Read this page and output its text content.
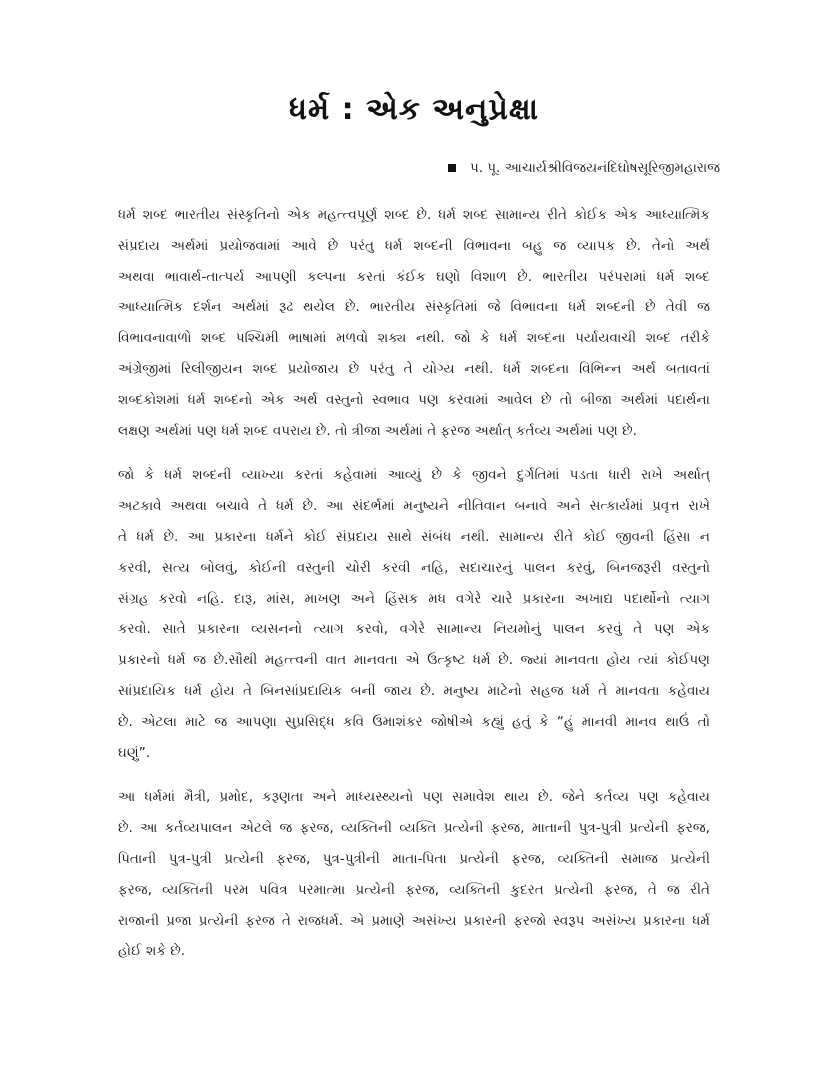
ધર્મ : એક અનુપ્રેક્ષા
પ. પૂ. આચાર્યશ્રીવિજયનંદિઘોષસૂરિજીમહારાજ

ધર્મ શબ્દ ભારતીય સંસ્કૃતિનો એક મહત્ત્વપૂર્ણ શબ્દ છે. ધર્મ શબ્દ સામાન્ય રીતે કોઈક એક આધ્યાત્મિક
સંપ્રદાય અર્થમાં પ્રયોજવામાં આવે છે પરંતુ ધર્મ શબ્દની વિભાવના બહુ જ વ્યાપક છે. તેનો અર્થ
અથવા ભાવાર્થ-તાત્પર્ય આપણી કલ્પના કરતાં કંઈક ઘણો વિશાળ છે. ભારતીય પરંપરામાં ધર્મ શબ્દ
આધ્યાત્મિક દર્શન અર્થમાં રૂઢ થયેલ છે. ભારતીય સંસ્કૃતિમાં જે વિભાવના ધર્મ શબ્દની છે તેવી જ
વિભાવનાવાળો શબ્દ પશ્ચિમી ભાષામાં મળવો શક્ય નથી. જો કે ધર્મ શબ્દના પર્યાયવાચી શબ્દ તરીકે
અંગ્રેજીમાં રિલીજીયન શબ્દ પ્રયોજાય છે પરંતુ તે યોગ્ય નથી. ધર્મ શબ્દના વિભિન્ન અર્થ બતાવતાં
શબ્દકોશમાં ધર્મ શબ્દનો એક અર્થ વસ્તુનો સ્વભાવ પણ કરવામાં આવેલ છે તો બીજા અર્થમાં પદાર્થના
લક્ષણ અર્થમાં પણ ધર્મ શબ્દ વપરાય છે. તો ત્રીજા અર્થમાં તે ફરજ અર્થાત્ કર્તવ્ય અર્થમાં પણ છે.

જો કે ધર્મ શબ્દની વ્યાખ્યા કરતાં કહેવામાં આવ્યું છે કે જીવને દુર્ગતિમાં પડતા ધારી રાખે અર્થાત્
અટકાવે અથવા બચાવે તે ધર્મ છે. આ સંદર્ભમાં મનુષ્યને નીતિવાન બનાવે અને સત્કાર્યમાં પ્રવૃત્ત રાખે
તે ધર્મ છે. આ પ્રકારના ધર્મને કોઈ સંપ્રદાય સાથે સંબંધ નથી. સામાન્ય રીતે કોઈ જીવની હિંસા ન
કરવી, સત્ય બોલવું, કોઈની વસ્તુની ચોરી કરવી નહિ, સદાચારનું પાલન કરવું, બિનજરૂરી વસ્તુનો
સંગ્રહ કરવો નહિ. દારૂ, માંસ, માખણ અને હિંસક મધ વગેરે ચારે પ્રકારના અખાદ્ય પદાર્થોનો ત્યાગ
કરવો. સાતે પ્રકારના વ્યસનનો ત્યાગ કરવો, વગેરે સામાન્ય નિયમોનું પાલન કરવું તે પણ એક
પ્રકારનો ધર્મ જ છે.સૌથી મહત્ત્વની વાત માનવતા એ ઉત્કૃષ્ટ ધર્મ છે. જ્યાં માનવતા હોય ત્યાં કોઈપણ
સાંપ્રદાયિક ધર્મ હોય તે બિનસાંપ્રદાયિક બની જાય છે. મનુષ્ય માટેનો સહજ ધર્મ તે માનવતા કહેવાય
છે. એટલા માટે જ આપણા સુપ્રસિદ્ધ કવિ ઉમાશંકર જોષીએ કહ્યું હતું કે “હું માનવી માનવ થાઉં તો
ઘણું”.

આ ધર્મમાં મૈત્રી, પ્રમોદ, કરૂણતા અને માધ્યસ્થ્યનો પણ સમાવેશ થાય છે. જેને કર્તવ્ય પણ કહેવાય
છે. આ કર્તવ્યપાલન એટલે જ ફરજ, વ્યક્તિની વ્યક્તિ પ્રત્યેની ફરજ, માતાની પુત્ર-પુત્રી પ્રત્યેની ફરજ,
પિતાની પુત્ર-પુત્રી પ્રત્યેની ફરજ, પુત્ર-પુત્રીની માતા-પિતા પ્રત્યેની ફરજ, વ્યક્તિની સમાજ પ્રત્યેની
ફરજ, વ્યક્તિની પરમ પવિત્ર પરમાત્મા પ્રત્યેની ફરજ, વ્યક્તિની કુદરત પ્રત્યેની ફરજ, તે જ રીતે
રાજાની પ્રજા પ્રત્યેની ફરજ તે રાજધર્મ. એ પ્રમાણે અસંખ્ય પ્રકારની ફરજો સ્વરૂપ અસંખ્ય પ્રકારના ધર્મ
હોઈ શકે છે.
